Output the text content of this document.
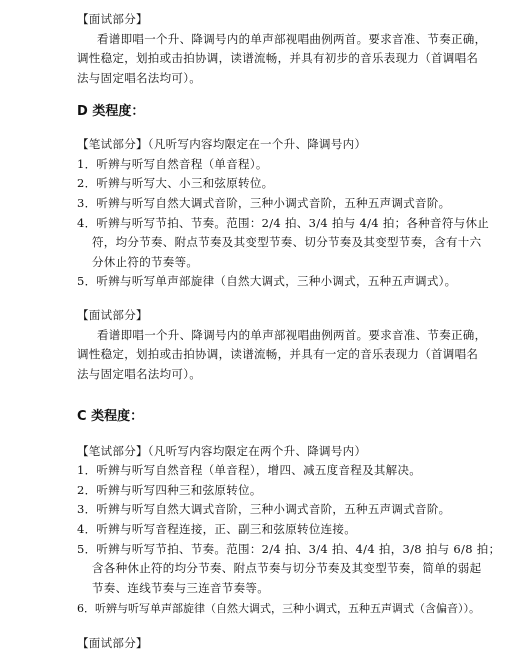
【面试部分】
看谱即唱一个升、降调号内的单声部视唱曲例两首。要求音准、节奏正确，
调性稳定，划拍或击拍协调，读谱流畅，并具有初步的音乐表现力（首调唱名
法与固定唱名法均可）。
D 类程度：
【笔试部分】（凡听写内容均限定在一个升、降调号内）
1．听辨与听写自然音程（单音程）。
2．听辨与听写大、小三和弦原转位。
3．听辨与听写自然大调式音阶，三种小调式音阶，五种五声调式音阶。
4．听辨与听写节拍、节奏。范围：2/4 拍、3/4 拍与 4/4 拍；各种音符与休止
符，均分节奏、附点节奏及其变型节奏、切分节奏及其变型节奏，含有十六
分休止符的节奏等。
5．听辨与听写单声部旋律（自然大调式，三种小调式，五种五声调式）。
【面试部分】
看谱即唱一个升、降调号内的单声部视唱曲例两首。要求音准、节奏正确，
调性稳定，划拍或击拍协调，读谱流畅，并具有一定的音乐表现力（首调唱名
法与固定唱名法均可）。
C 类程度：
【笔试部分】（凡听写内容均限定在两个升、降调号内）
1．听辨与听写自然音程（单音程），增四、减五度音程及其解决。
2．听辨与听写四种三和弦原转位。
3．听辨与听写自然大调式音阶，三种小调式音阶，五种五声调式音阶。
4．听辨与听写音程连接，正、副三和弦原转位连接。
5．听辨与听写节拍、节奏。范围：2/4 拍、3/4 拍、4/4 拍，3/8 拍与 6/8 拍；
含各种休止符的均分节奏、附点节奏与切分节奏及其变型节奏，简单的弱起
节奏、连线节奏与三连音节奏等。
6．听辨与听写单声部旋律（自然大调式，三种小调式，五种五声调式（含偏音））。
【面试部分】
